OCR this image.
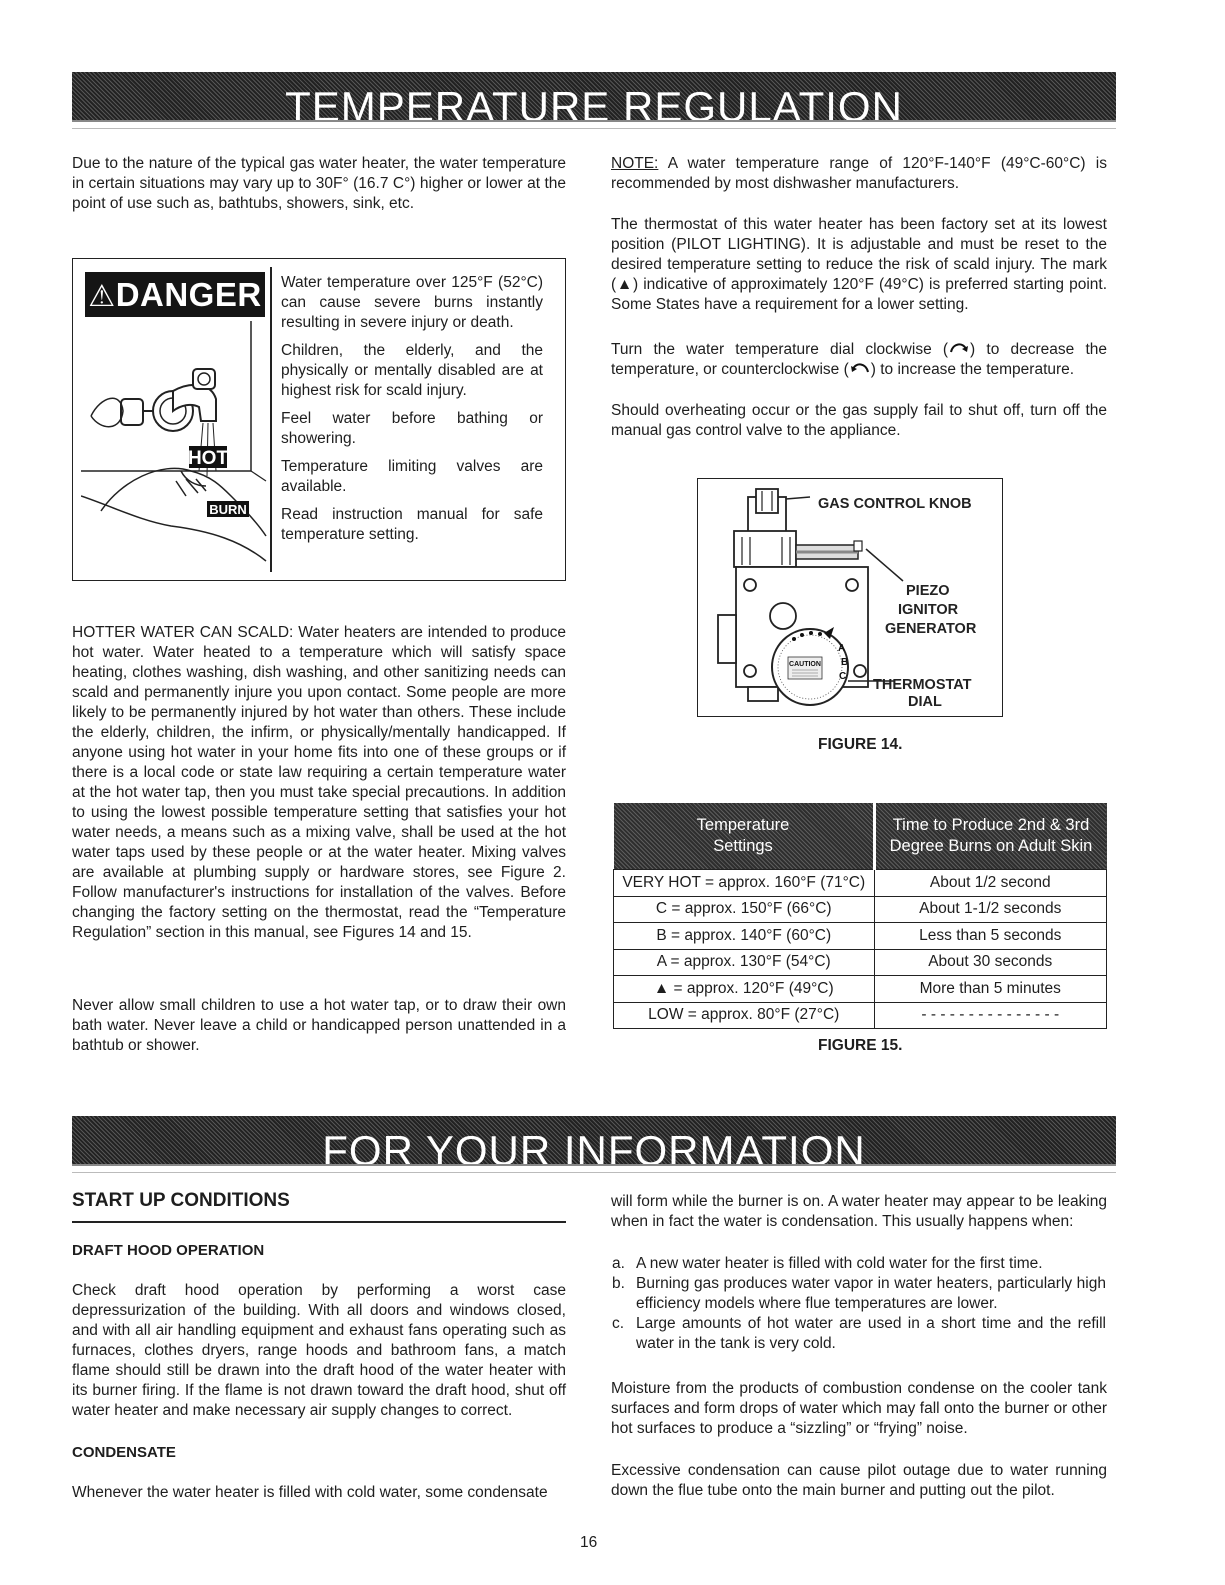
TEMPERATURE REGULATION

Due to the nature of the typical gas water heater, the water temperature in certain situations may vary up to 30F° (16.7 C°) higher or lower at the point of use such as, bathtubs, showers, sink, etc.

⚠DANGER
HOT
BURN

Water temperature over 125°F (52°C) can cause severe burns instantly resulting in severe injury or death.

Children, the elderly, and the physically or mentally disabled are at highest risk for scald injury.

Feel water before bathing or showering.

Temperature limiting valves are available.

Read instruction manual for safe temperature setting.

HOTTER WATER CAN SCALD: Water heaters are intended to produce hot water. Water heated to a temperature which will satisfy space heating, clothes washing, dish washing, and other sanitizing needs can scald and permanently injure you upon contact. Some people are more likely to be permanently injured by hot water than others. These include the elderly, children, the infirm, or physically/mentally handicapped. If anyone using hot water in your home fits into one of these groups or if there is a local code or state law requiring a certain temperature water at the hot water tap, then you must take special precautions. In addition to using the lowest possible temperature setting that satisfies your hot water needs, a means such as a mixing valve, shall be used at the hot water taps used by these people or at the water heater. Mixing valves are available at plumbing supply or hardware stores, see Figure 2. Follow manufacturer's instructions for installation of the valves. Before changing the factory setting on the thermostat, read the “Temperature Regulation” section in this manual, see Figures 14 and 15.

Never allow small children to use a hot water tap, or to draw their own bath water. Never leave a child or handicapped person unattended in a bathtub or shower.

NOTE: A water temperature range of 120°F-140°F (49°C-60°C) is recommended by most dishwasher manufacturers.

The thermostat of this water heater has been factory set at its lowest position (PILOT LIGHTING). It is adjustable and must be reset to the desired temperature setting to reduce the risk of scald injury. The mark (▲) indicative of approximately 120°F (49°C) is preferred starting point. Some States have a requirement for a lower setting.

Turn the water temperature dial clockwise ( ) to decrease the temperature, or counterclockwise ( ) to increase the temperature.

Should overheating occur or the gas supply fail to shut off, turn off the manual gas control valve to the appliance.

CAUTION
A
B
C
GAS CONTROL KNOB
PIEZO
IGNITOR
GENERATOR
THERMOSTAT
DIAL

FIGURE 14.

Temperature
Settings	Time to Produce 2nd & 3rd
Degree Burns on Adult Skin
VERY HOT = approx. 160°F (71°C)	About 1/2 second
C = approx. 150°F (66°C)	About 1-1/2 seconds
B = approx. 140°F (60°C)	Less than 5 seconds
A = approx. 130°F (54°C)	About 30 seconds
▲ = approx. 120°F (49°C)	More than 5 minutes
LOW = approx. 80°F (27°C)	- - - - - - - - - - - - - - -

FIGURE 15.

FOR YOUR INFORMATION

START UP CONDITIONS

DRAFT HOOD OPERATION

Check draft hood operation by performing a worst case depressurization of the building. With all doors and windows closed, and with all air handling equipment and exhaust fans operating such as furnaces, clothes dryers, range hoods and bathroom fans, a match flame should still be drawn into the draft hood of the water heater with its burner firing. If the flame is not drawn toward the draft hood, shut off water heater and make necessary air supply changes to correct.

CONDENSATE

Whenever the water heater is filled with cold water, some condensate

will form while the burner is on. A water heater may appear to be leaking when in fact the water is condensation. This usually happens when:

a. A new water heater is filled with cold water for the first time.
b. Burning gas produces water vapor in water heaters, particularly high efficiency models where flue temperatures are lower.
c. Large amounts of hot water are used in a short time and the refill water in the tank is very cold.

Moisture from the products of combustion condense on the cooler tank surfaces and form drops of water which may fall onto the burner or other hot surfaces to produce a “sizzling” or “frying” noise.

Excessive condensation can cause pilot outage due to water running down the flue tube onto the main burner and putting out the pilot.

16
